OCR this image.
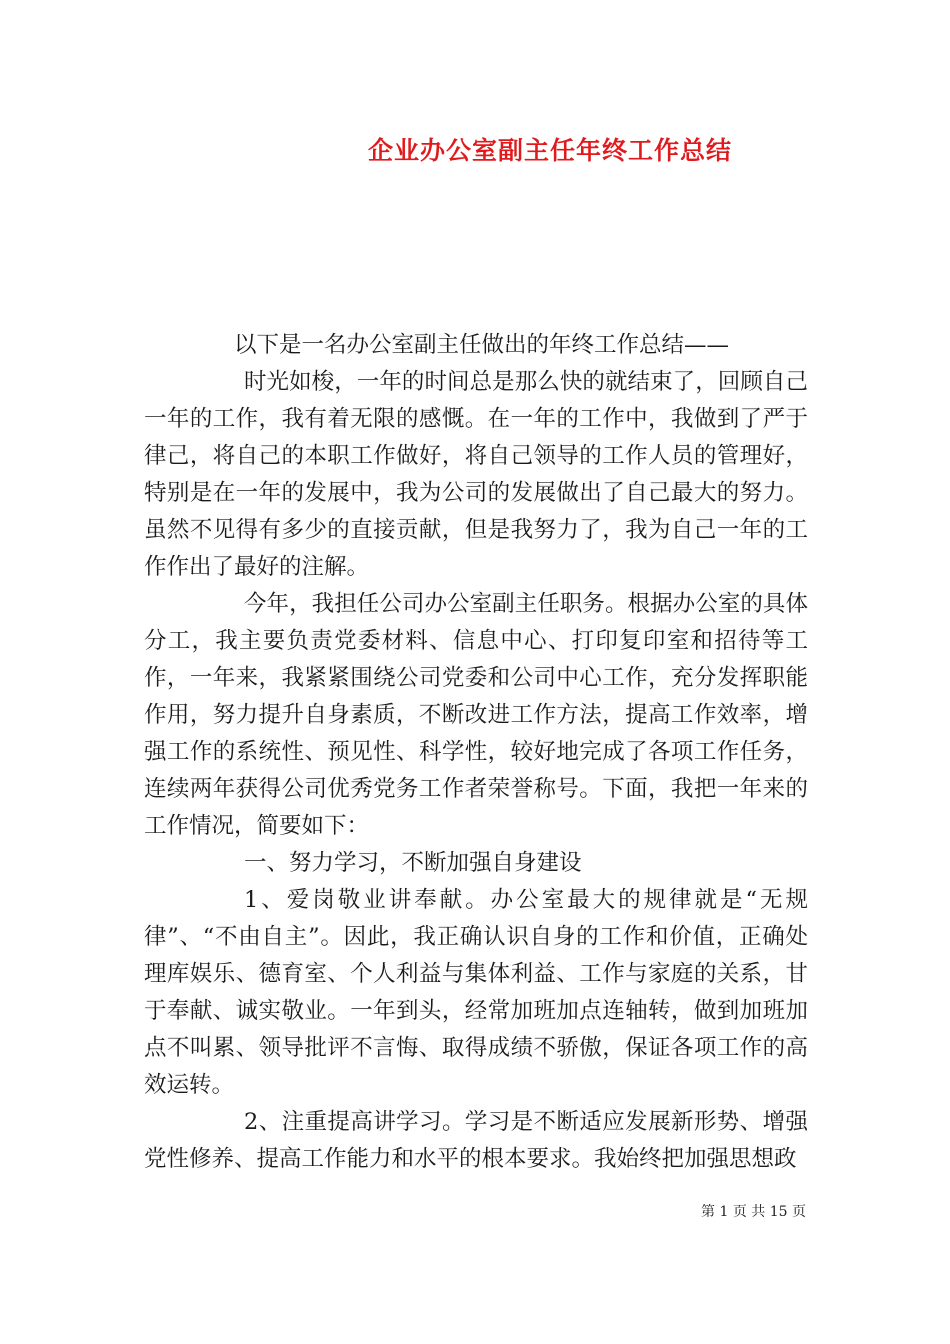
企业办公室副主任年终工作总结

以下是一名办公室副主任做出的年终工作总结——

时光如梭，一年的时间总是那么快的就结束了，回顾自己一年的工作，我有着无限的感慨。在一年的工作中，我做到了严于律己，将自己的本职工作做好，将自己领导的工作人员的管理好，特别是在一年的发展中，我为公司的发展做出了自己最大的努力。虽然不见得有多少的直接贡献，但是我努力了，我为自己一年的工作作出了最好的注解。

今年，我担任公司办公室副主任职务。根据办公室的具体分工，我主要负责党委材料、信息中心、打印复印室和招待等工作，一年来，我紧紧围绕公司党委和公司中心工作，充分发挥职能作用，努力提升自身素质，不断改进工作方法，提高工作效率，增强工作的系统性、预见性、科学性，较好地完成了各项工作任务，连续两年获得公司优秀党务工作者荣誉称号。下面，我把一年来的工作情况，简要如下：

一、努力学习，不断加强自身建设

1、爱岗敬业讲奉献。办公室最大的规律就是“无规律”、“不由自主”。因此，我正确认识自身的工作和价值，正确处理库娱乐、德育室、个人利益与集体利益、工作与家庭的关系，甘于奉献、诚实敬业。一年到头，经常加班加点连轴转，做到加班加点不叫累、领导批评不言悔、取得成绩不骄傲，保证各项工作的高效运转。

2、注重提高讲学习。学习是不断适应发展新形势、增强党性修养、提高工作能力和水平的根本要求。我始终把加强思想政

第 1 页 共 15 页
